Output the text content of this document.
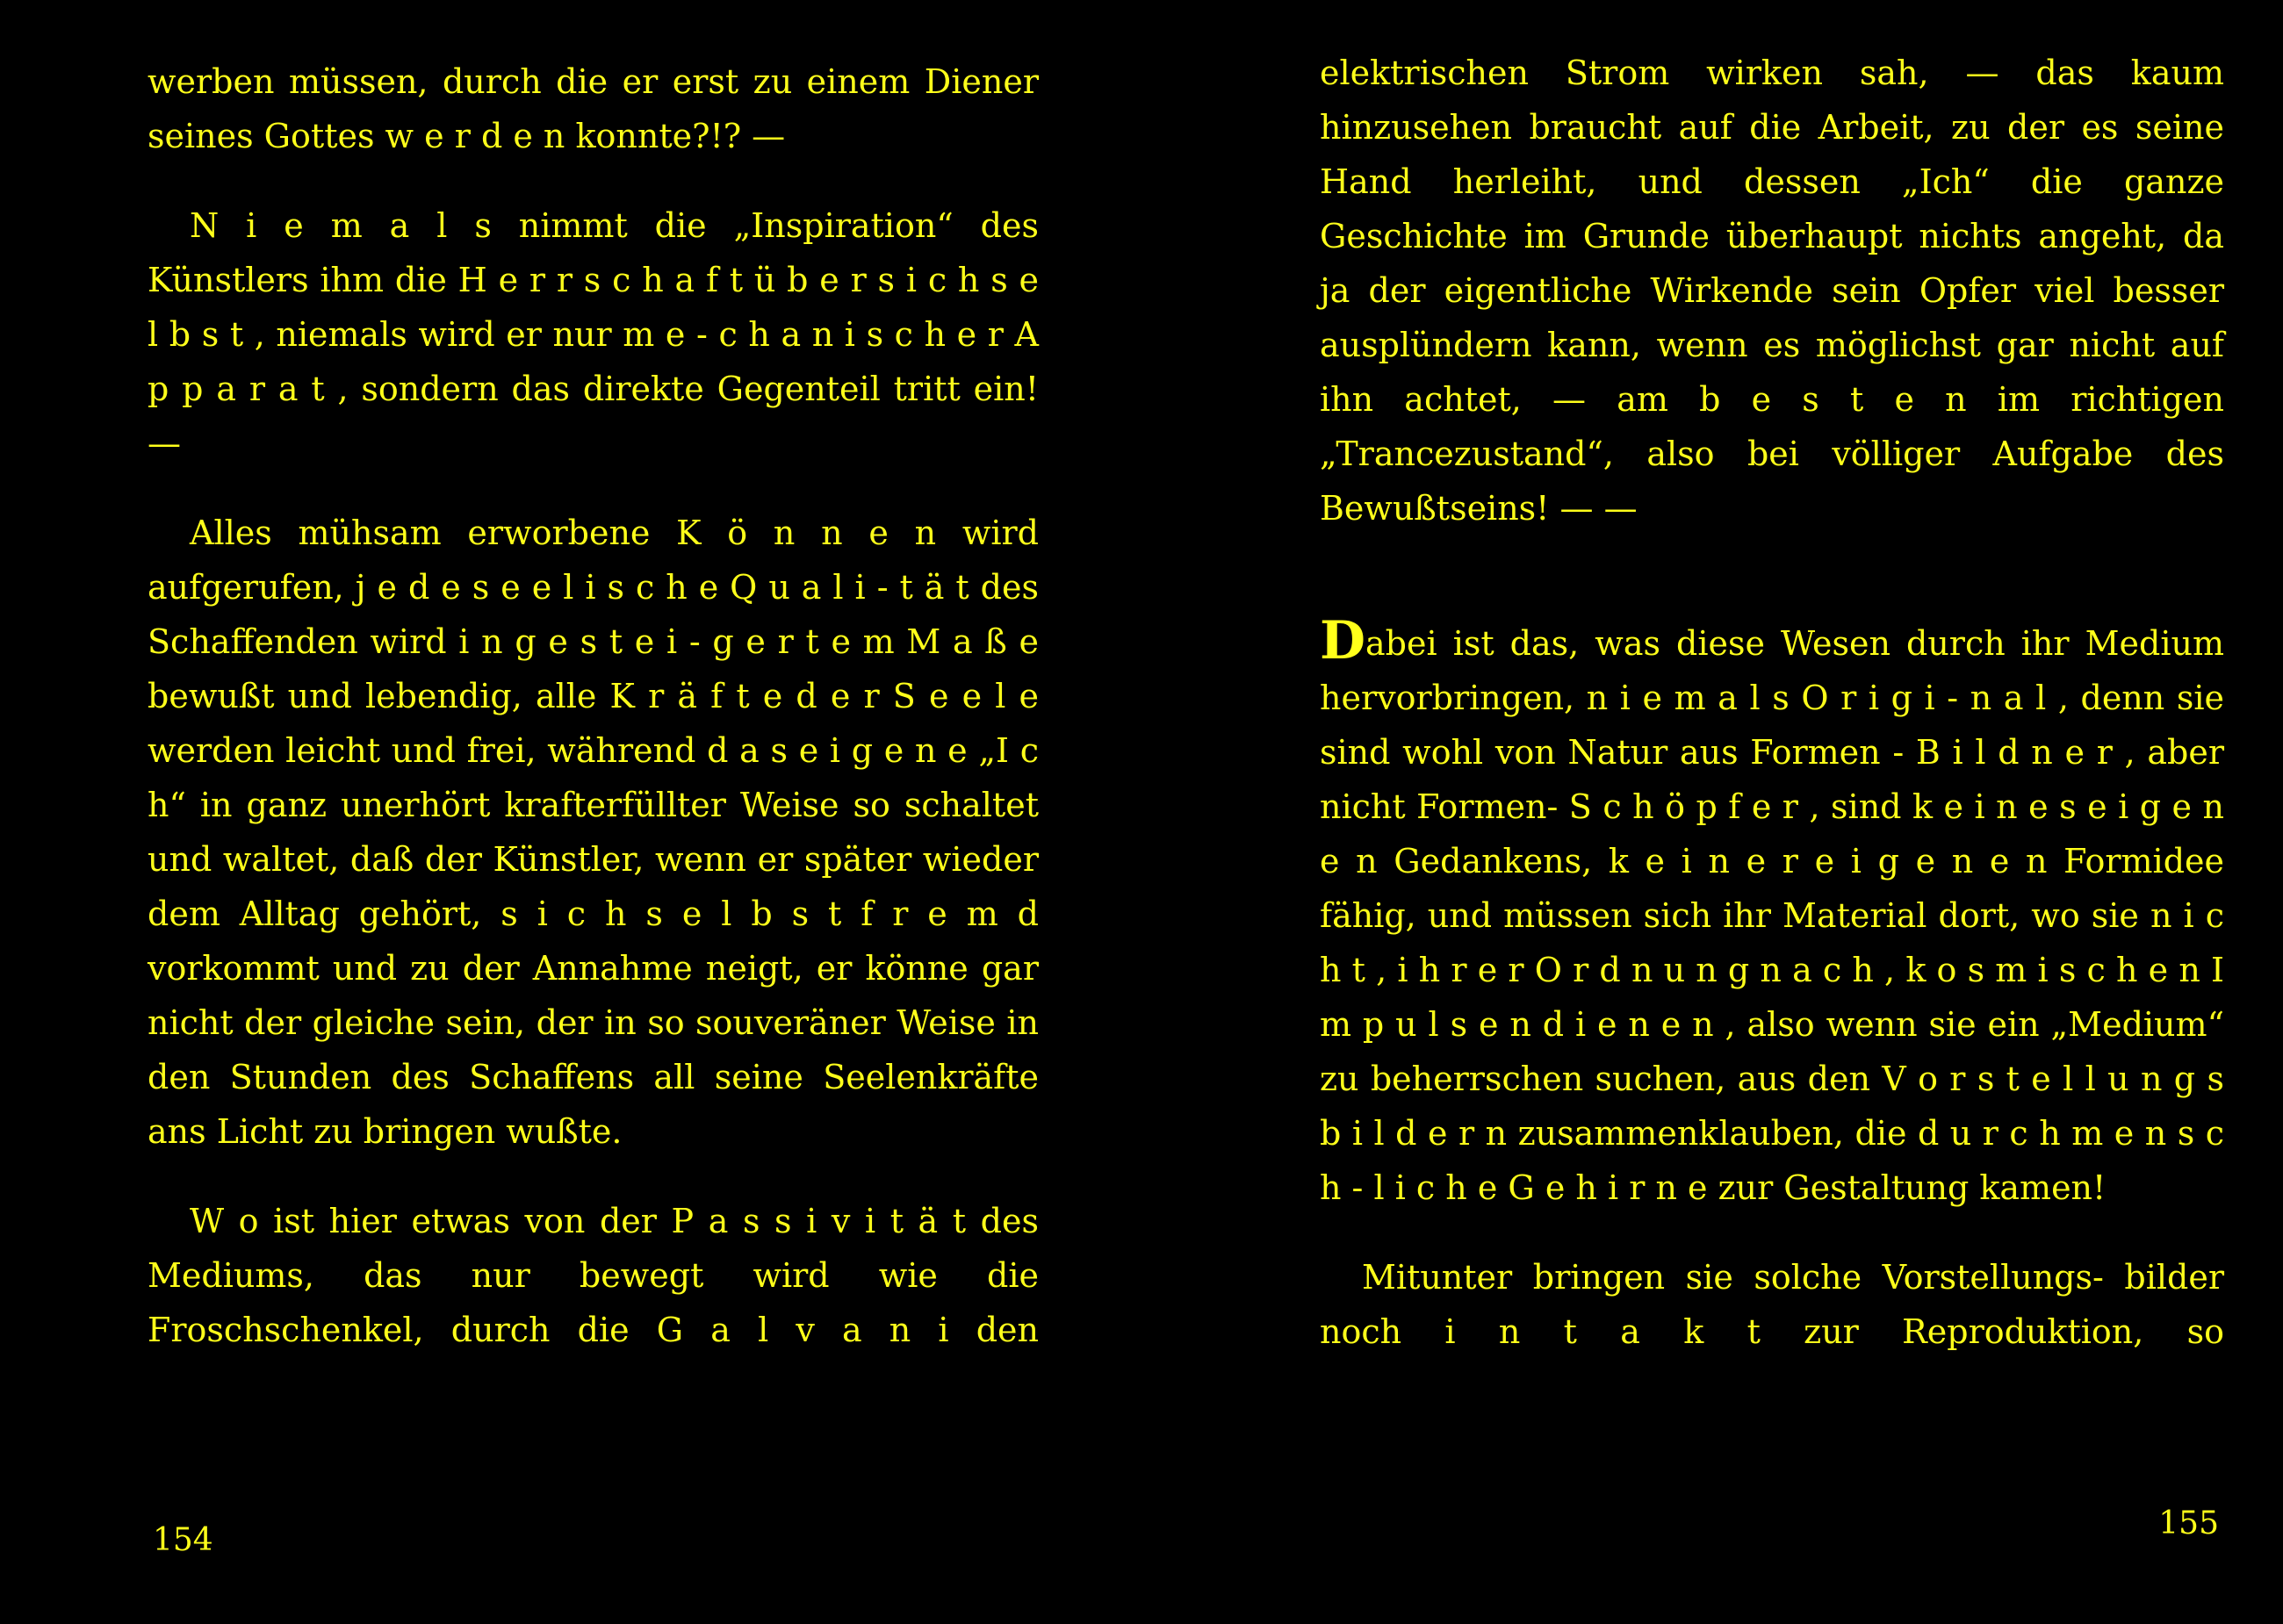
werben müssen, durch die er erst zu einem Diener seines Gottes w e r d e n konnte?!? —

N i e m a l s nimmt die „Inspiration“ des Künstlers ihm die H e r r s c h a f t ü b e r s i c h s e l b s t , niemals wird er nur m e - c h a n i s c h e r A p p a r a t , sondern das direkte Gegenteil tritt ein! —

Alles mühsam erworbene K ö n n e n wird aufgerufen, j e d e s e e l i s c h e Q u a l i - t ä t des Schaffenden wird i n g e s t e i - g e r t e m M a ß e bewußt und lebendig, alle K r ä f t e d e r S e e l e werden leicht und frei, während d a s e i g e n e „I c h“ in ganz unerhört krafterfüllter Weise so schaltet und waltet, daß der Künstler, wenn er später wieder dem Alltag gehört, s i c h s e l b s t f r e m d vorkommt und zu der Annahme neigt, er könne gar nicht der gleiche sein, der in so souveräner Weise in den Stunden des Schaffens all seine Seelenkräfte ans Licht zu bringen wußte.

W o ist hier etwas von der P a s s i v i t ä t des Mediums, das nur bewegt wird wie die Froschschenkel, durch die G a l v a n i den

154

elektrischen Strom wirken sah, — das kaum hinzusehen braucht auf die Arbeit, zu der es seine Hand herleiht, und dessen „Ich“ die ganze Geschichte im Grunde überhaupt nichts angeht, da ja der eigentliche Wirkende sein Opfer viel besser ausplündern kann, wenn es möglichst gar nicht auf ihn achtet, — am b e s t e n im richtigen „Trancezustand“, also bei völliger Aufgabe des Bewußtseins! — —

Dabei ist das, was diese Wesen durch ihr Medium hervorbringen, n i e m a l s O r i g i - n a l , denn sie sind wohl von Natur aus Formen - B i l d n e r , aber nicht Formen- S c h ö p f e r , sind k e i n e s e i g e n e n Gedankens, k e i n e r e i g e n e n Formidee fähig, und müssen sich ihr Material dort, wo sie n i c h t , i h r e r O r d n u n g n a c h , k o s m i s c h e n I m p u l s e n d i e n e n , also wenn sie ein „Medium“ zu beherrschen suchen, aus den V o r s t e l l u n g s b i l d e r n zusammenklauben, die d u r c h m e n s c h - l i c h e G e h i r n e zur Gestaltung kamen!

Mitunter bringen sie solche Vorstellungs- bilder noch i n t a k t zur Reproduktion, so

155
